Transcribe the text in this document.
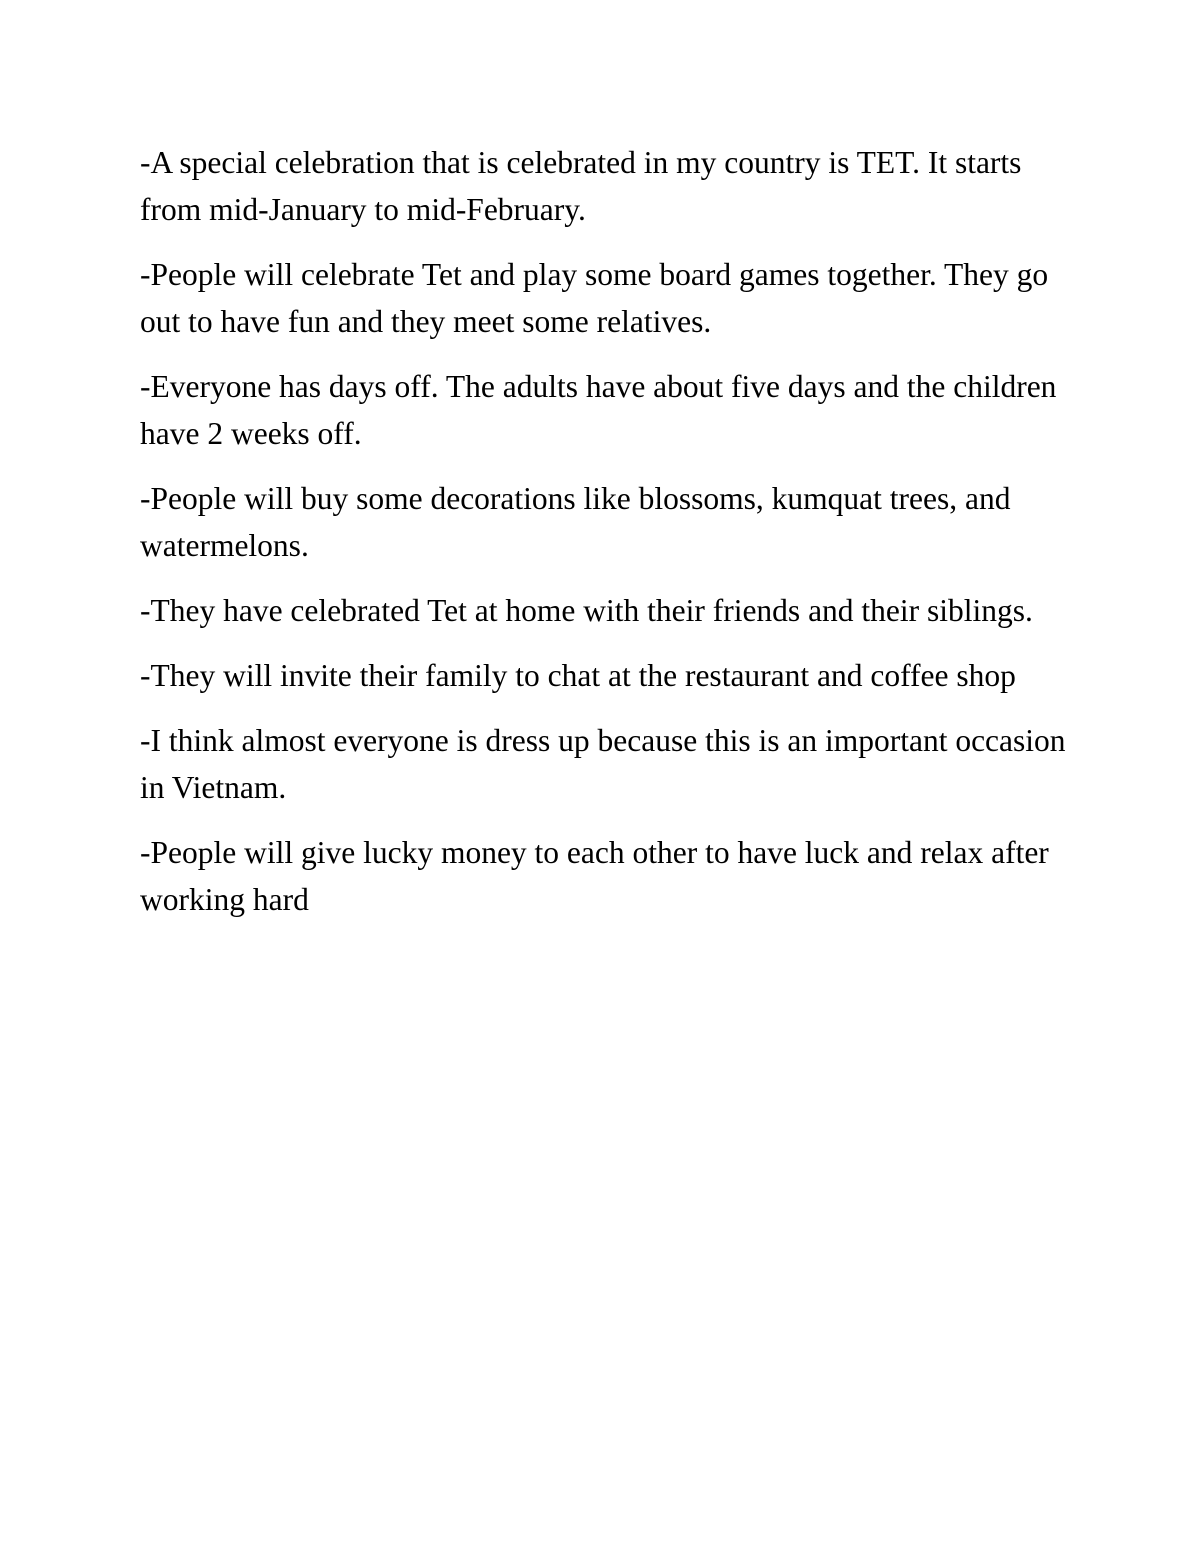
-A special celebration that is celebrated in my country is TET. It starts from mid-January to mid-February.

-People will celebrate Tet and play some board games together. They go out to have fun and they meet some relatives.

-Everyone has days off. The adults have about five days and the children have 2 weeks off.

-People will buy some decorations like blossoms, kumquat trees, and watermelons.

-They have celebrated Tet at home with their friends and their siblings.

-They will invite their family to chat at the restaurant and coffee shop

-I think almost everyone is dress up because this is an important occasion in Vietnam.

-People will give lucky money to each other to have luck and relax after working hard
